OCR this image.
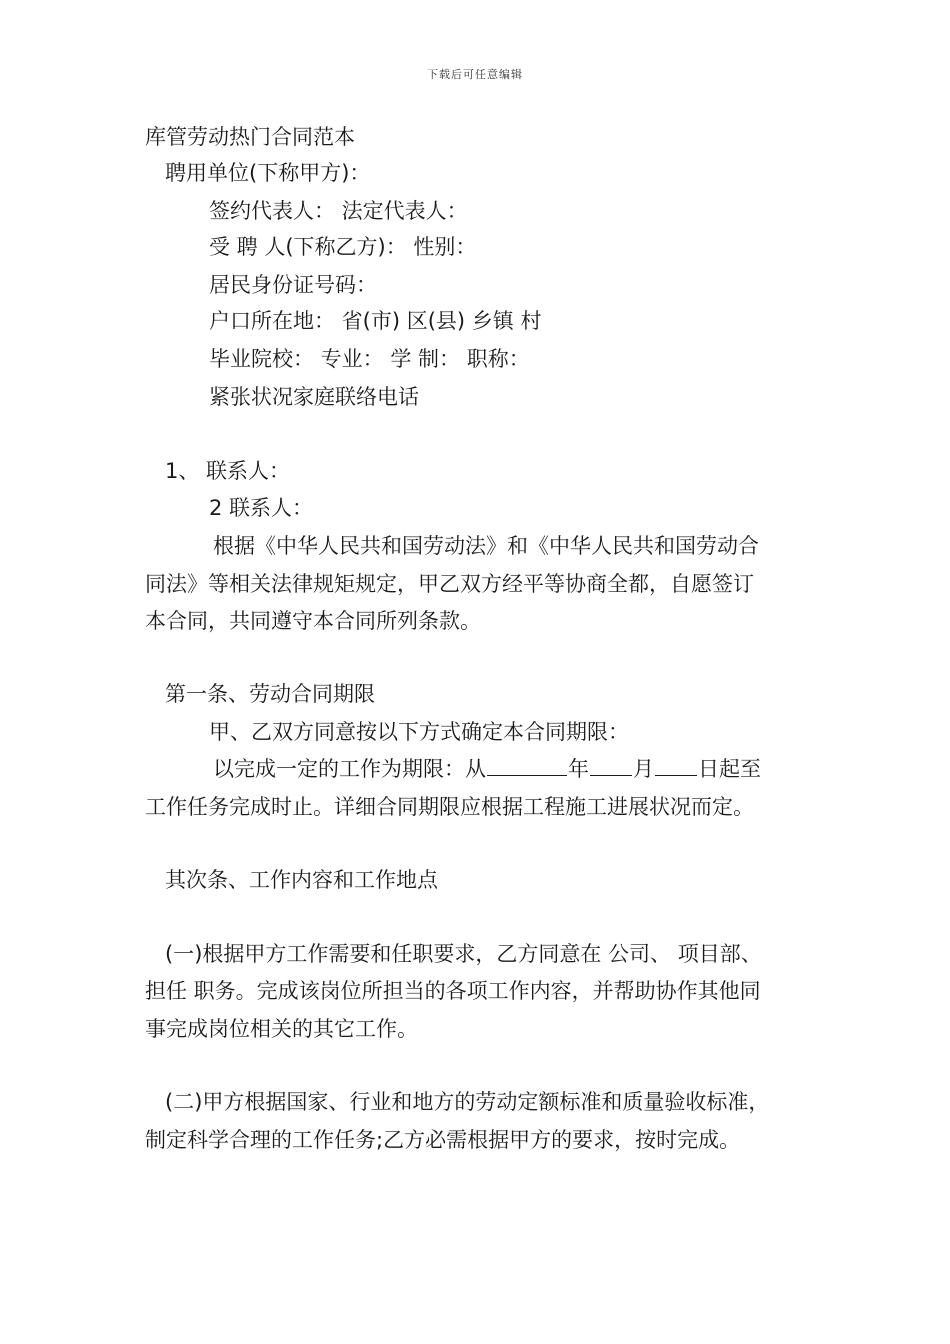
下载后可任意编辑
库管劳动热门合同范本
聘用单位(下称甲方)：
签约代表人： 法定代表人：
受 聘 人(下称乙方)： 性别：
居民身份证号码：
户口所在地： 省(市) 区(县) 乡镇 村
毕业院校： 专业： 学 制： 职称：
紧张状况家庭联络电话
1、 联系人：
2 联系人：
根据《中华人民共和国劳动法》和《中华人民共和国劳动合
同法》等相关法律规矩规定，甲乙双方经平等协商全都，自愿签订
本合同，共同遵守本合同所列条款。
第一条、劳动合同期限
甲、乙双方同意按以下方式确定本合同期限：
以完成一定的工作为期限：从	年 月 日起至
工作任务完成时止。详细合同期限应根据工程施工进展状况而定。
其次条、工作内容和工作地点
(一)根据甲方工作需要和任职要求，乙方同意在 公司、 项目部、
担任 职务。完成该岗位所担当的各项工作内容，并帮助协作其他同
事完成岗位相关的其它工作。
(二)甲方根据国家、行业和地方的劳动定额标准和质量验收标准，
制定科学合理的工作任务;乙方必需根据甲方的要求，按时完成。
